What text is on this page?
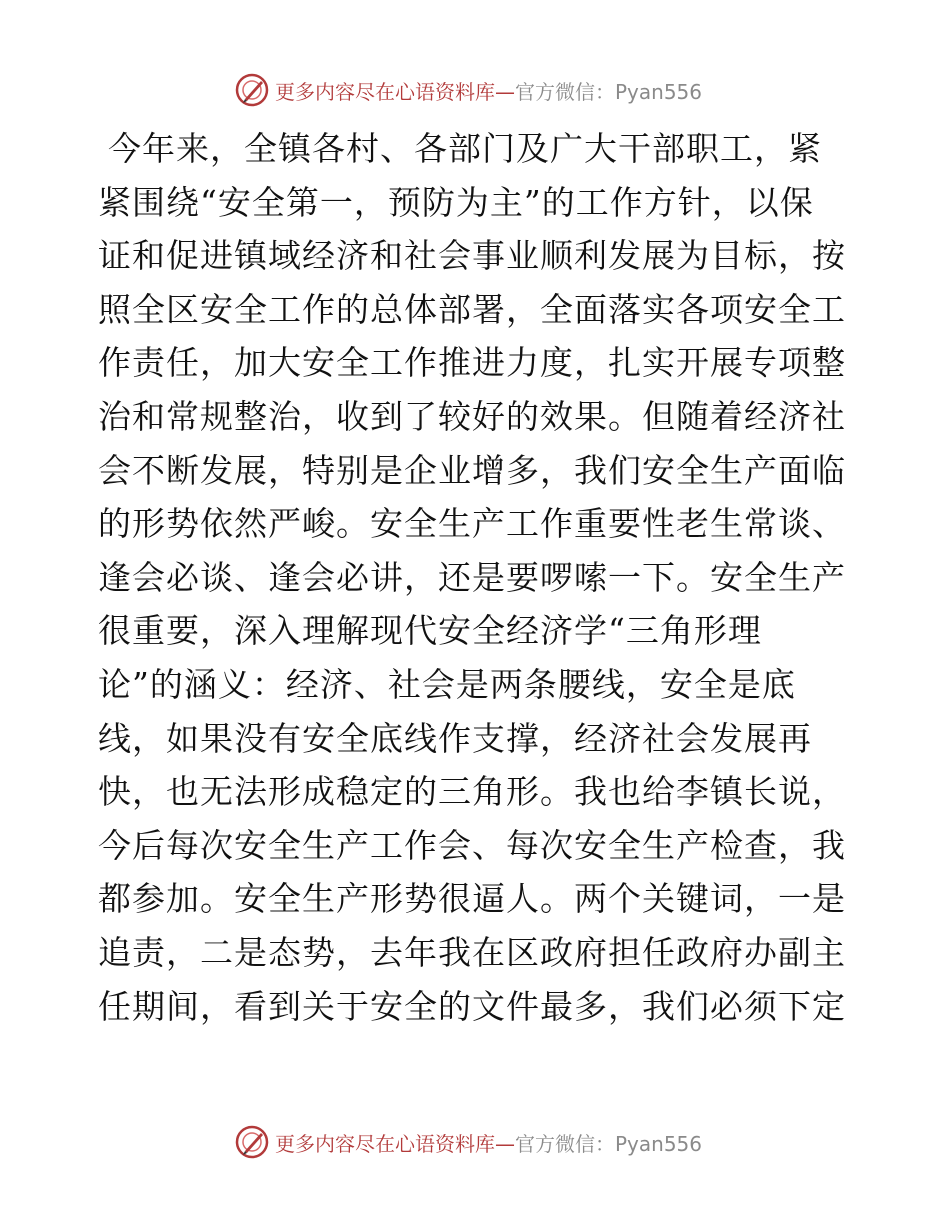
更多内容尽在心语资料库—官方微信：Pyan556
今年来，全镇各村、各部门及广大干部职工，紧
紧围绕“安全第一，预防为主”的工作方针，以保
证和促进镇域经济和社会事业顺利发展为目标，按
照全区安全工作的总体部署，全面落实各项安全工
作责任，加大安全工作推进力度，扎实开展专项整
治和常规整治，收到了较好的效果。但随着经济社
会不断发展，特别是企业增多，我们安全生产面临
的形势依然严峻。安全生产工作重要性老生常谈、
逢会必谈、逢会必讲，还是要啰嗦一下。安全生产
很重要，深入理解现代安全经济学“三角形理
论”的涵义：经济、社会是两条腰线，安全是底
线，如果没有安全底线作支撑，经济社会发展再
快，也无法形成稳定的三角形。我也给李镇长说，
今后每次安全生产工作会、每次安全生产检查，我
都参加。安全生产形势很逼人。两个关键词，一是
追责，二是态势，去年我在区政府担任政府办副主
任期间，看到关于安全的文件最多，我们必须下定
更多内容尽在心语资料库—官方微信：Pyan556
